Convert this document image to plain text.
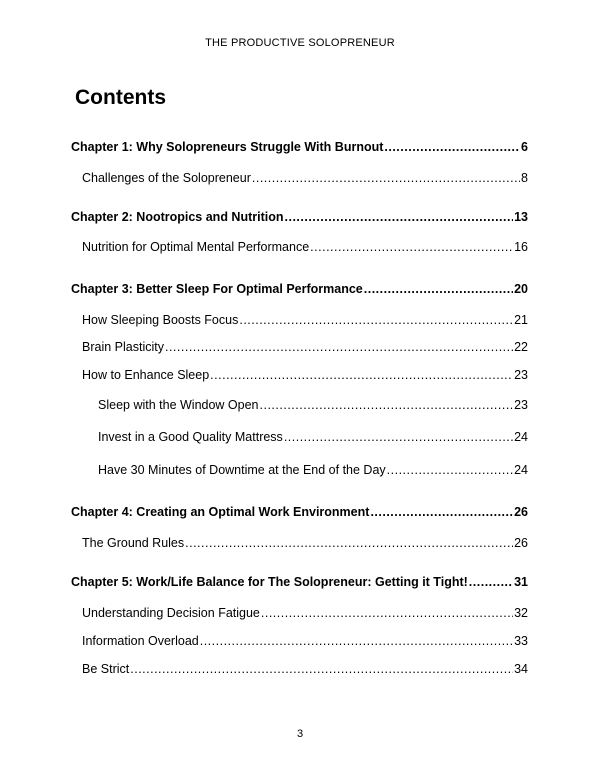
THE PRODUCTIVE SOLOPRENEUR
Contents
Chapter 1: Why Solopreneurs Struggle With Burnout .....	6
Challenges of the Solopreneur .....	8
Chapter 2: Nootropics and Nutrition .....	13
Nutrition for Optimal Mental Performance .....	16
Chapter 3: Better Sleep For Optimal Performance .....	20
How Sleeping Boosts Focus .....	21
Brain Plasticity .....	22
How to Enhance Sleep .....	23
Sleep with the Window Open .....	23
Invest in a Good Quality Mattress .....	24
Have 30 Minutes of Downtime at the End of the Day .....	24
Chapter 4: Creating an Optimal Work Environment .....	26
The Ground Rules .....	26
Chapter 5: Work/Life Balance for The Solopreneur: Getting it Tight! .....	31
Understanding Decision Fatigue .....	32
Information Overload .....	33
Be Strict .....	34
3
